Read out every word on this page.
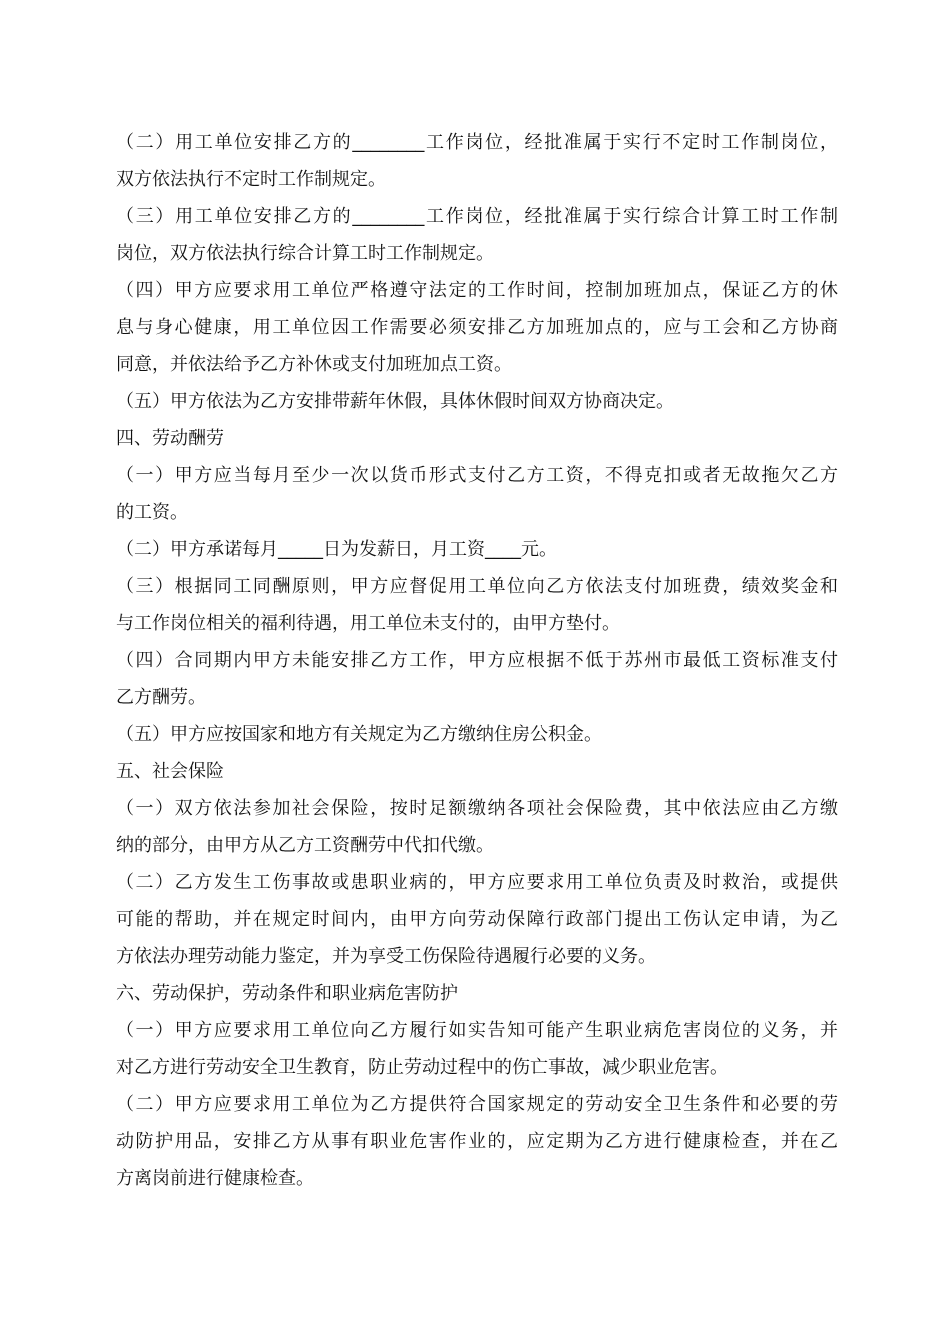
（二）用工单位安排乙方的________工作岗位，经批准属于实行不定时工作制岗位，
双方依法执行不定时工作制规定。
（三）用工单位安排乙方的________工作岗位，经批准属于实行综合计算工时工作制
岗位，双方依法执行综合计算工时工作制规定。
（四）甲方应要求用工单位严格遵守法定的工作时间，控制加班加点，保证乙方的休
息与身心健康，用工单位因工作需要必须安排乙方加班加点的，应与工会和乙方协商
同意，并依法给予乙方补休或支付加班加点工资。
（五）甲方依法为乙方安排带薪年休假，具体休假时间双方协商决定。
四、劳动酬劳
（一）甲方应当每月至少一次以货币形式支付乙方工资，不得克扣或者无故拖欠乙方
的工资。
（二）甲方承诺每月_____日为发薪日，月工资____元。
（三）根据同工同酬原则，甲方应督促用工单位向乙方依法支付加班费，绩效奖金和
与工作岗位相关的福利待遇，用工单位未支付的，由甲方垫付。
（四）合同期内甲方未能安排乙方工作，甲方应根据不低于苏州市最低工资标准支付
乙方酬劳。
（五）甲方应按国家和地方有关规定为乙方缴纳住房公积金。
五、社会保险
（一）双方依法参加社会保险，按时足额缴纳各项社会保险费，其中依法应由乙方缴
纳的部分，由甲方从乙方工资酬劳中代扣代缴。
（二）乙方发生工伤事故或患职业病的，甲方应要求用工单位负责及时救治，或提供
可能的帮助，并在规定时间内，由甲方向劳动保障行政部门提出工伤认定申请，为乙
方依法办理劳动能力鉴定，并为享受工伤保险待遇履行必要的义务。
六、劳动保护，劳动条件和职业病危害防护
（一）甲方应要求用工单位向乙方履行如实告知可能产生职业病危害岗位的义务，并
对乙方进行劳动安全卫生教育，防止劳动过程中的伤亡事故，减少职业危害。
（二）甲方应要求用工单位为乙方提供符合国家规定的劳动安全卫生条件和必要的劳
动防护用品，安排乙方从事有职业危害作业的，应定期为乙方进行健康检查，并在乙
方离岗前进行健康检查。
